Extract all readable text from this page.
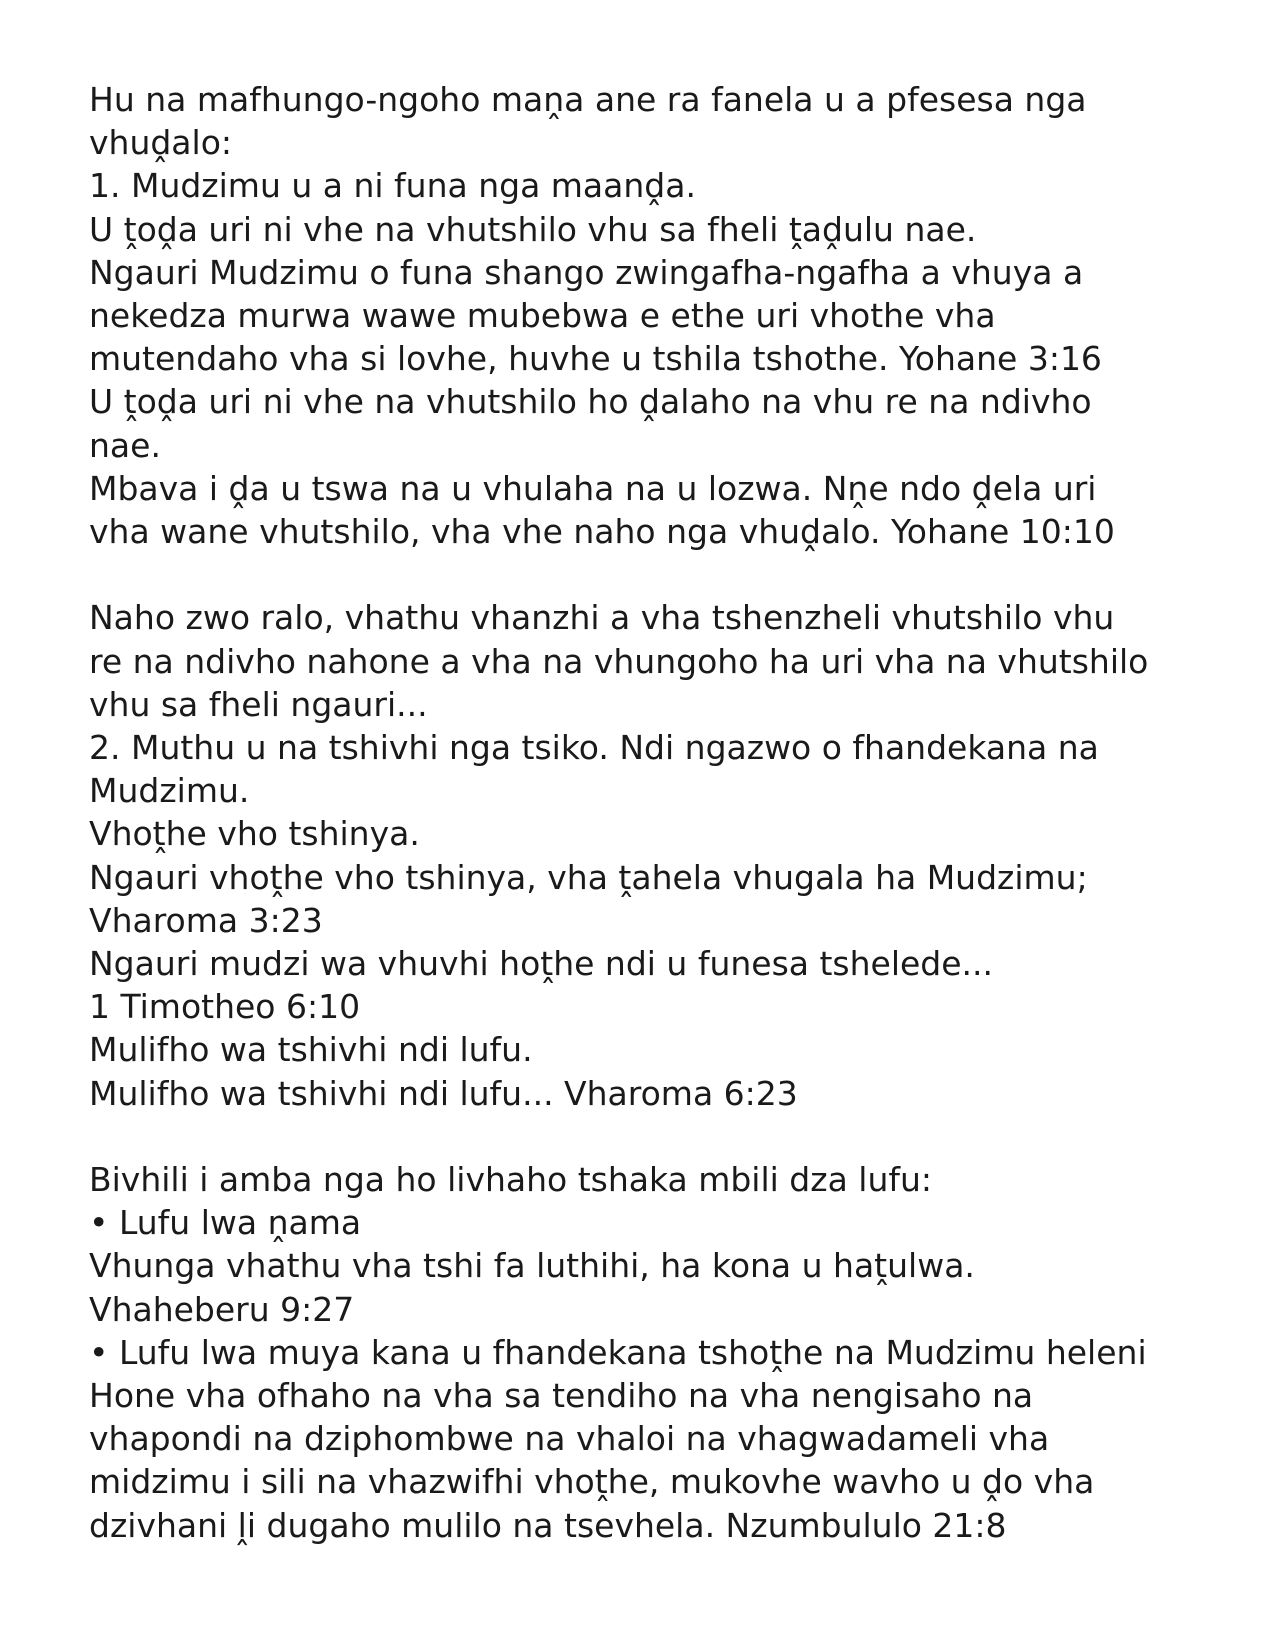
Hu na mafhungo-ngoho maṋa ane ra fanela u a pfesesa nga
vhuḓalo:
1. Mudzimu u a ni funa nga maanḓa.
U ṱoḓa uri ni vhe na vhutshilo vhu sa fheli ṱaḓulu nae.
Ngauri Mudzimu o funa shango zwingafha-ngafha a vhuya a
nekedza murwa wawe mubebwa e ethe uri vhothe vha
mutendaho vha si lovhe, huvhe u tshila tshothe. Yohane 3:16
U ṱoḓa uri ni vhe na vhutshilo ho ḓalaho na vhu re na ndivho
nae.
Mbava i ḓa u tswa na u vhulaha na u lozwa. Nṋe ndo ḓela uri
vha wane vhutshilo, vha vhe naho nga vhuḓalo. Yohane 10:10
Naho zwo ralo, vhathu vhanzhi a vha tshenzheli vhutshilo vhu
re na ndivho nahone a vha na vhungoho ha uri vha na vhutshilo
vhu sa fheli ngauri...
2. Muthu u na tshivhi nga tsiko. Ndi ngazwo o fhandekana na
Mudzimu.
Vhoṱhe vho tshinya.
Ngauri vhoṱhe vho tshinya, vha ṱahela vhugala ha Mudzimu;
Vharoma 3:23
Ngauri mudzi wa vhuvhi hoṱhe ndi u funesa tshelede...
1 Timotheo 6:10
Mulifho wa tshivhi ndi lufu.
Mulifho wa tshivhi ndi lufu... Vharoma 6:23
Bivhili i amba nga ho livhaho tshaka mbili dza lufu:
• Lufu lwa ṋama
Vhunga vhathu vha tshi fa luthihi, ha kona u haṱulwa.
Vhaheberu 9:27
• Lufu lwa muya kana u fhandekana tshoṱhe na Mudzimu heleni
Hone vha ofhaho na vha sa tendiho na vha nengisaho na
vhapondi na dziphombwe na vhaloi na vhagwadameli vha
midzimu i sili na vhazwifhi vhoṱhe, mukovhe wavho u ḓo vha
dzivhani ḽi dugaho mulilo na tsevhela. Nzumbululo 21:8
